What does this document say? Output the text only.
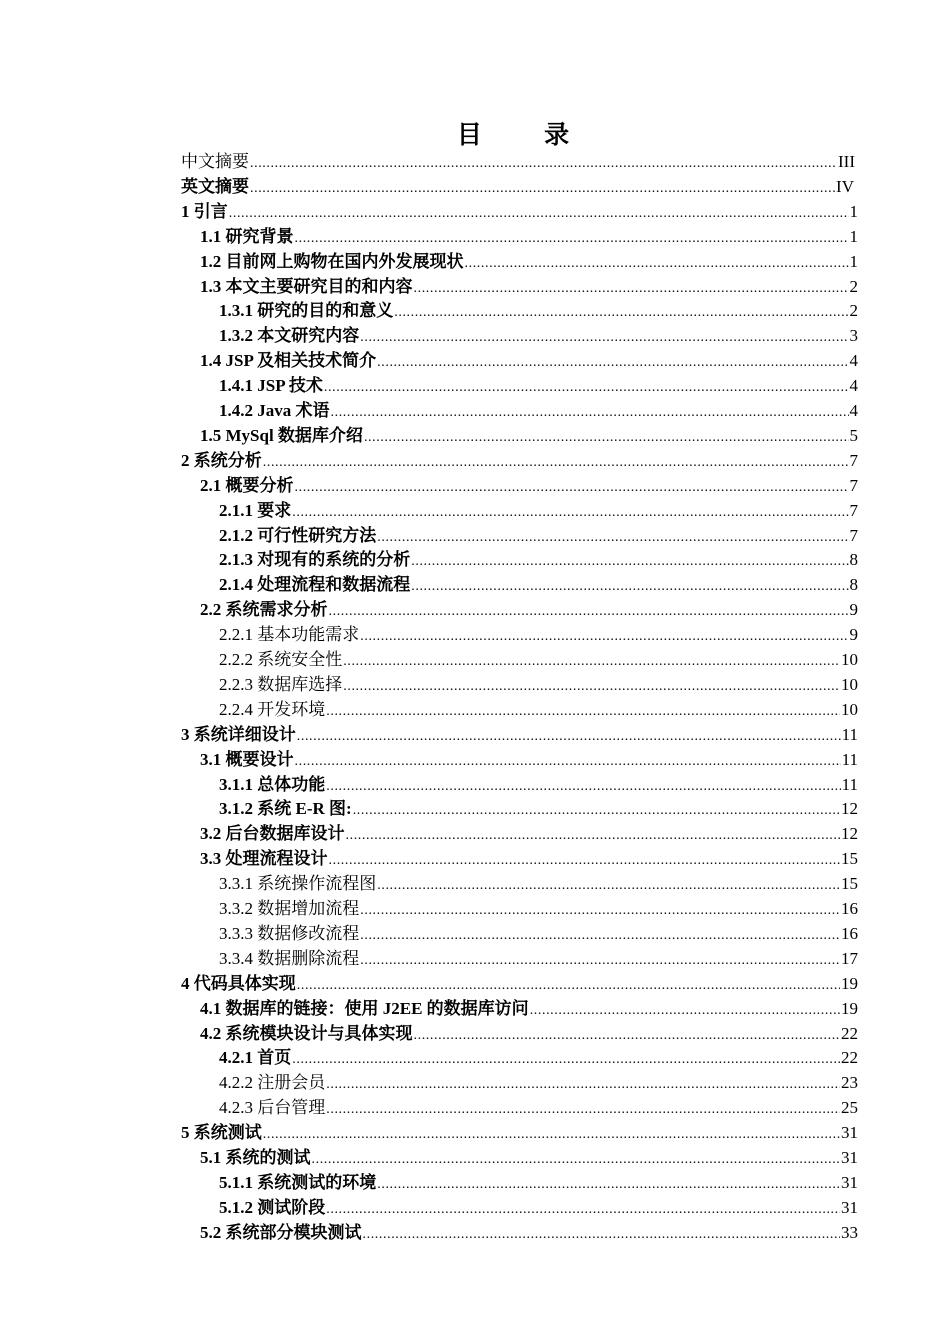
目 录
中文摘要 .....	III
英文摘要 .....	IV
1 引言 .....	1
1.1 研究背景 .....	1
1.2 目前网上购物在国内外发展现状 .....	1
1.3 本文主要研究目的和内容 .....	2
1.3.1 研究的目的和意义 .....	2
1.3.2 本文研究内容 .....	3
1.4 JSP 及相关技术简介 .....	4
1.4.1 JSP 技术 .....	4
1.4.2 Java 术语 .....	4
1.5 MySql 数据库介绍 .....	5
2 系统分析 .....	7
2.1 概要分析 .....	7
2.1.1 要求 .....	7
2.1.2 可行性研究方法 .....	7
2.1.3 对现有的系统的分析 .....	8
2.1.4 处理流程和数据流程 .....	8
2.2 系统需求分析 .....	9
2.2.1 基本功能需求 .....	9
2.2.2 系统安全性 .....	10
2.2.3 数据库选择 .....	10
2.2.4 开发环境 .....	10
3 系统详细设计 .....	11
3.1 概要设计 .....	11
3.1.1 总体功能 .....	11
3.1.2 系统 E-R 图: .....	12
3.2 后台数据库设计 .....	12
3.3 处理流程设计 .....	15
3.3.1 系统操作流程图 .....	15
3.3.2 数据增加流程 .....	16
3.3.3 数据修改流程 .....	16
3.3.4 数据删除流程 .....	17
4 代码具体实现 .....	19
4.1 数据库的链接：使用 J2EE 的数据库访问 .....	19
4.2 系统模块设计与具体实现 .....	22
4.2.1 首页 .....	22
4.2.2 注册会员 .....	23
4.2.3 后台管理 .....	25
5 系统测试 .....	31
5.1 系统的测试 .....	31
5.1.1 系统测试的环境 .....	31
5.1.2 测试阶段 .....	31
5.2 系统部分模块测试 .....	33
